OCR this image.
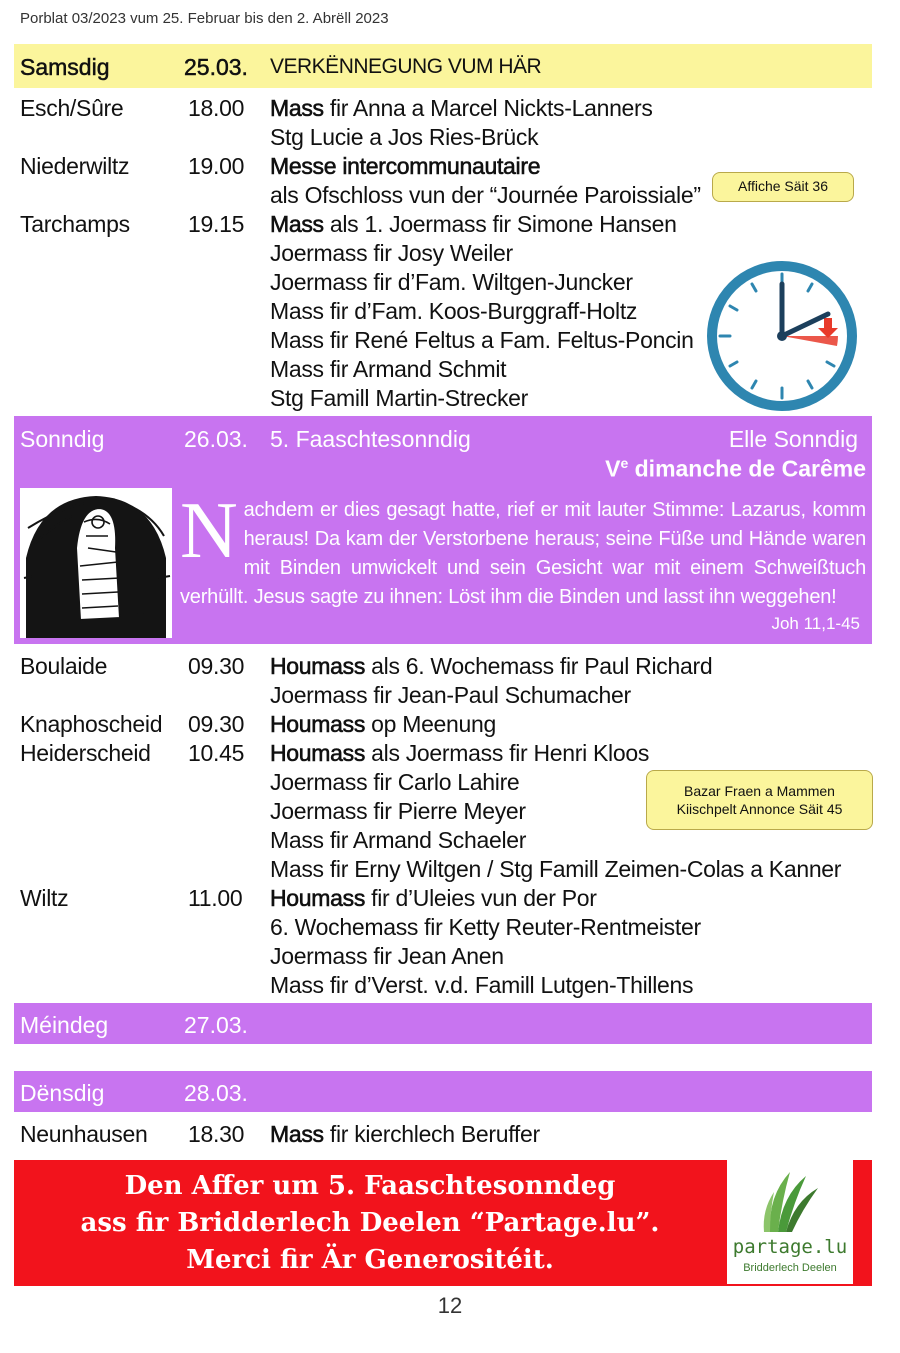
Porblat 03/2023 vum 25. Februar bis den 2. Abrëll 2023
Samsdig	25.03. VERKËNNEGUNG VUM HÄR
Esch/Sûre	18.00 Mass fir Anna a Marcel Nickts-Lanners
Stg Lucie a Jos Ries-Brück
Niederwiltz	19.00 Messe intercommunautaire
als Ofschloss vun der “Journée Paroissiale”
Tarchamps	19.15 Mass als 1. Joermass fir Simone Hansen
Joermass fir Josy Weiler
Joermass fir d’Fam. Wiltgen-Juncker
Mass fir d’Fam. Koos-Burggraff-Holtz
Mass fir René Feltus a Fam. Feltus-Poncin
Mass fir Armand Schmit
Stg Famill Martin-Strecker
Affiche Säit 36
Sonndig	26.03. 5. Faaschtesonndig	Elle Sonndig
Ve dimanche de Carême
Nachdem er dies gesagt hatte, rief er mit lauter Stimme: Lazarus, komm heraus! Da kam der Verstorbene heraus; seine Füße und Hände waren mit Binden umwickelt und sein Gesicht war mit einem Schweißtuch verhüllt. Jesus sagte zu ihnen: Löst ihm die Binden und lasst ihn weggehen!
Joh 11,1-45
Boulaide	09.30 Houmass als 6. Wochemass fir Paul Richard
Joermass fir Jean-Paul Schumacher
Knaphoscheid 09.30 Houmass op Meenung
Heiderscheid 10.45 Houmass als Joermass fir Henri Kloos
Joermass fir Carlo Lahire
Joermass fir Pierre Meyer
Mass fir Armand Schaeler
Mass fir Erny Wiltgen / Stg Famill Zeimen-Colas a Kanner
Wiltz	11.00 Houmass fir d’Uleies vun der Por
6. Wochemass fir Ketty Reuter-Rentmeister
Joermass fir Jean Anen
Mass fir d’Verst. v.d. Famill Lutgen-Thillens
Bazar Fraen a Mammen
Kiischpelt Annonce Säit 45
Méindeg	27.03.
Dënsdig	28.03.
Neunhausen 18.30 Mass fir kierchlech Beruffer
Den Affer um 5. Faaschtesonndeg
ass fir Bridderlech Deelen “Partage.lu”.
Merci fir Är Generositéit.	partage.lu
Bridderlech Deelen
12
